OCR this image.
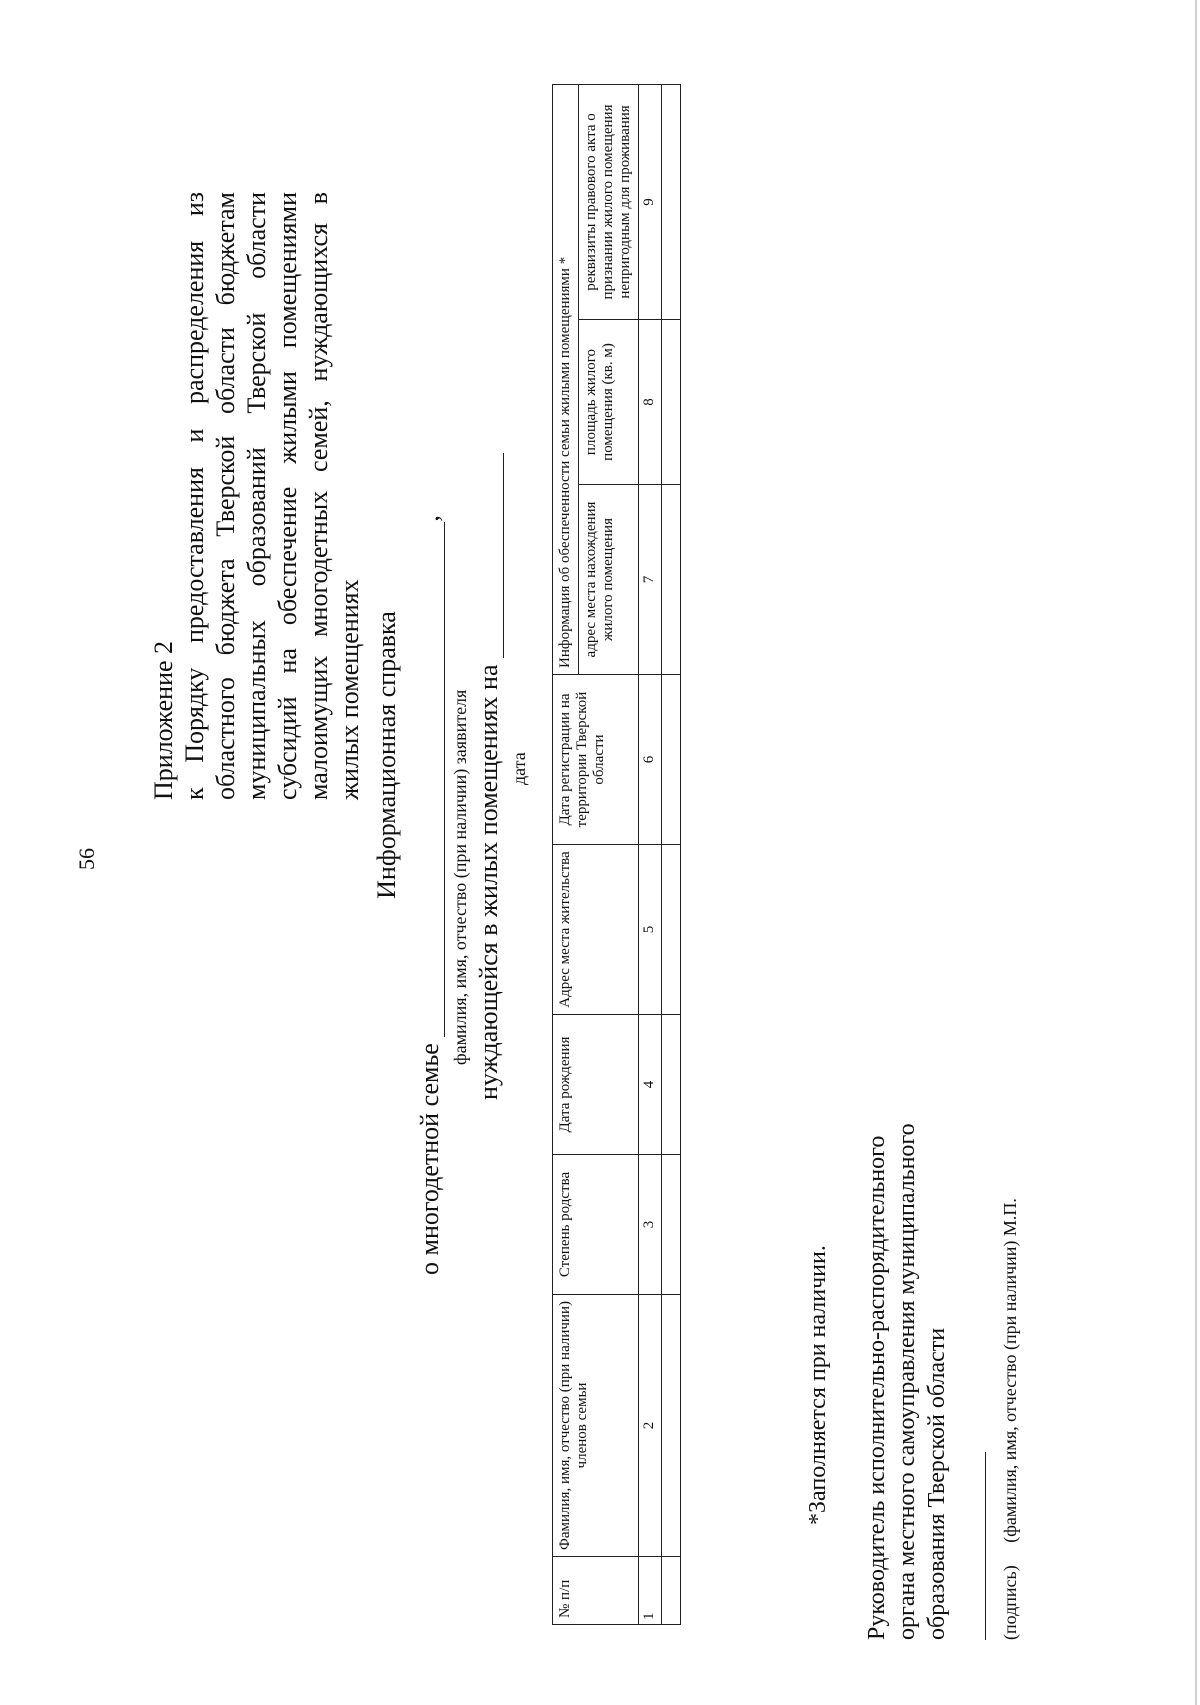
56
Приложение 2 к Порядку предоставления и распределения из областного бюджета Тверской области бюджетам муниципальных образований Тверской области субсидий на обеспечение жилыми помещениями малоимущих многодетных семей, нуждающихся в жилых помещениях Информационная справка
о многодетной семье ,
фамилия, имя, отчество (при наличии) заявителя нуждающейся в жилых помещениях на дата
№ п/п	Фамилия, имя, отчество (при наличии) членов семьи	Степень родства	Дата рождения	Адрес места жительства	Дата регистрации на территории Тверской области	Информация об обеспеченности семьи жилыми помещениями *		
						адрес места нахождения жилого помещения	площадь жилого помещения (кв. м)	реквизиты правового акта о признании жилого помещения непригодным для проживания
1	2	3	4	5	6	7	8	9

*Заполняется при наличии. Руководитель исполнительно-распорядительного органа местного самоуправления муниципального образования Тверской области	(подпись)     (фамилия, имя, отчество (при наличии) М.П.
